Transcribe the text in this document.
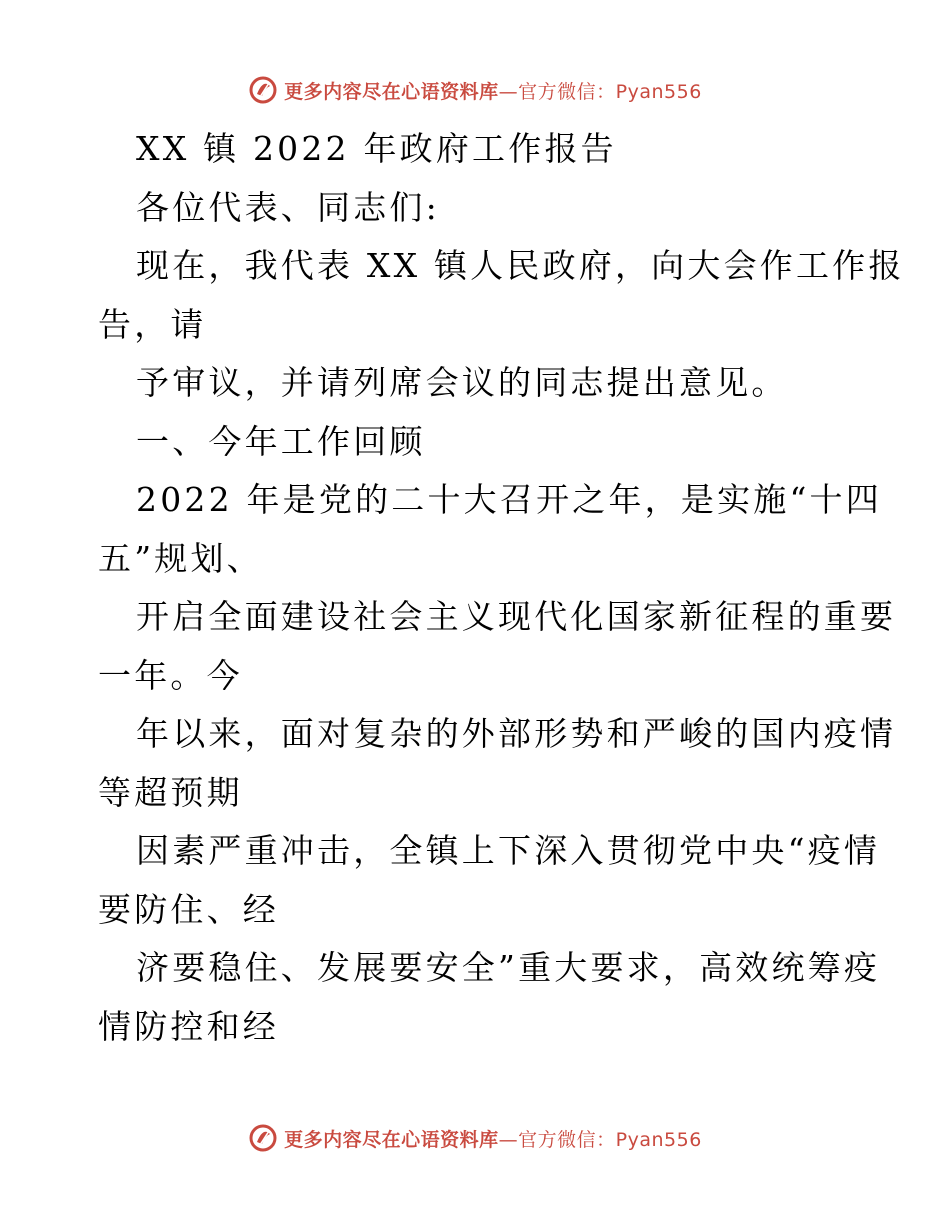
更多内容尽在心语资料库—官方微信：Pyan556
XX 镇 2022 年政府工作报告
各位代表、同志们:
现在，我代表 XX 镇人民政府，向大会作工作报
告，请
予审议，并请列席会议的同志提出意见。
一、今年工作回顾
2022 年是党的二十大召开之年，是实施“十四
五”规划、
开启全面建设社会主义现代化国家新征程的重要
一年。今
年以来，面对复杂的外部形势和严峻的国内疫情
等超预期
因素严重冲击，全镇上下深入贯彻党中央“疫情
要防住、经
济要稳住、发展要安全”重大要求，高效统筹疫
情防控和经
更多内容尽在心语资料库—官方微信：Pyan556
